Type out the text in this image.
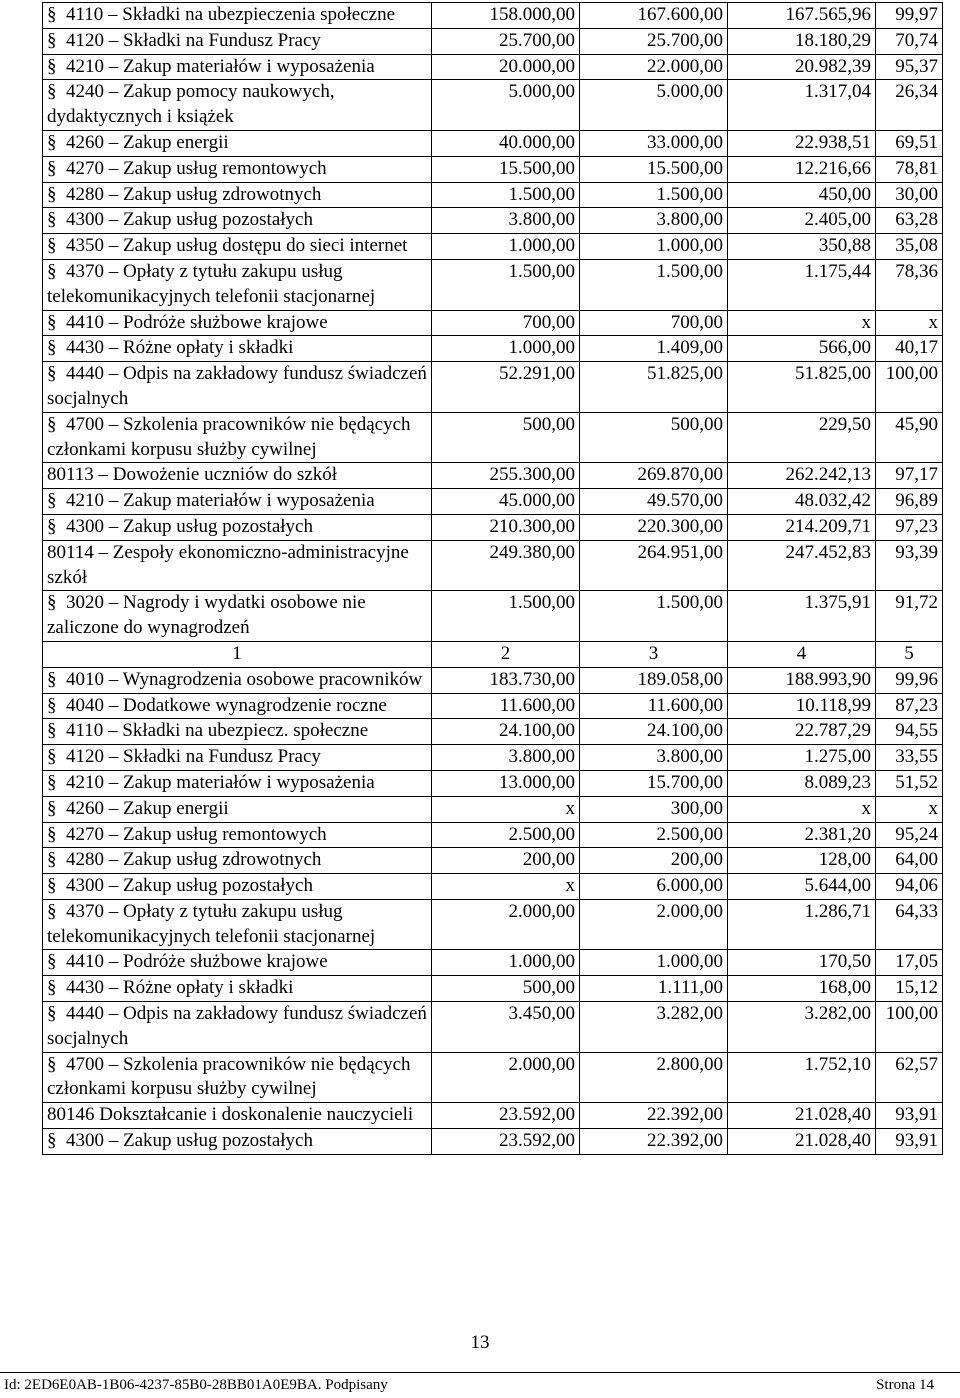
§ 4110 – Składki na ubezpieczenia społeczne	158.000,00	167.600,00	167.565,96	99,97
§ 4120 – Składki na Fundusz Pracy	25.700,00	25.700,00	18.180,29	70,74
§ 4210 – Zakup materiałów i wyposażenia	20.000,00	22.000,00	20.982,39	95,37
§ 4240 – Zakup pomocy naukowych, dydaktycznych i książek	5.000,00	5.000,00	1.317,04	26,34
§ 4260 – Zakup energii	40.000,00	33.000,00	22.938,51	69,51
§ 4270 – Zakup usług remontowych	15.500,00	15.500,00	12.216,66	78,81
§ 4280 – Zakup usług zdrowotnych	1.500,00	1.500,00	450,00	30,00
§ 4300 – Zakup usług pozostałych	3.800,00	3.800,00	2.405,00	63,28
§ 4350 – Zakup usług dostępu do sieci internet	1.000,00	1.000,00	350,88	35,08
§ 4370 – Opłaty z tytułu zakupu usług telekomunikacyjnych telefonii stacjonarnej	1.500,00	1.500,00	1.175,44	78,36
§ 4410 – Podróże służbowe krajowe	700,00	700,00	x	x
§ 4430 – Różne opłaty i składki	1.000,00	1.409,00	566,00	40,17
§ 4440 – Odpis na zakładowy fundusz świadczeń socjalnych	52.291,00	51.825,00	51.825,00	100,00
§ 4700 – Szkolenia pracowników nie będących członkami korpusu służby cywilnej	500,00	500,00	229,50	45,90
80113 – Dowożenie uczniów do szkół	255.300,00	269.870,00	262.242,13	97,17
§ 4210 – Zakup materiałów i wyposażenia	45.000,00	49.570,00	48.032,42	96,89
§ 4300 – Zakup usług pozostałych	210.300,00	220.300,00	214.209,71	97,23
80114 – Zespoły ekonomiczno-administracyjne szkół	249.380,00	264.951,00	247.452,83	93,39
§ 3020 – Nagrody i wydatki osobowe nie zaliczone do wynagrodzeń	1.500,00	1.500,00	1.375,91	91,72
1	2	3	4	5
§ 4010 – Wynagrodzenia osobowe pracowników	183.730,00	189.058,00	188.993,90	99,96
§ 4040 – Dodatkowe wynagrodzenie roczne	11.600,00	11.600,00	10.118,99	87,23
§ 4110 – Składki na ubezpiecz. społeczne	24.100,00	24.100,00	22.787,29	94,55
§ 4120 – Składki na Fundusz Pracy	3.800,00	3.800,00	1.275,00	33,55
§ 4210 – Zakup materiałów i wyposażenia	13.000,00	15.700,00	8.089,23	51,52
§ 4260 – Zakup energii	x	300,00	x	x
§ 4270 – Zakup usług remontowych	2.500,00	2.500,00	2.381,20	95,24
§ 4280 – Zakup usług zdrowotnych	200,00	200,00	128,00	64,00
§ 4300 – Zakup usług pozostałych	x	6.000,00	5.644,00	94,06
§ 4370 – Opłaty z tytułu zakupu usług telekomunikacyjnych telefonii stacjonarnej	2.000,00	2.000,00	1.286,71	64,33
§ 4410 – Podróże służbowe krajowe	1.000,00	1.000,00	170,50	17,05
§ 4430 – Różne opłaty i składki	500,00	1.111,00	168,00	15,12
§ 4440 – Odpis na zakładowy fundusz świadczeń socjalnych	3.450,00	3.282,00	3.282,00	100,00
§ 4700 – Szkolenia pracowników nie będących członkami korpusu służby cywilnej	2.000,00	2.800,00	1.752,10	62,57
80146 Dokształcanie i doskonalenie nauczycieli	23.592,00	22.392,00	21.028,40	93,91
§ 4300 – Zakup usług pozostałych	23.592,00	22.392,00	21.028,40	93,91
13
Id: 2ED6E0AB-1B06-4237-85B0-28BB01A0E9BA. Podpisany	Strona 14
